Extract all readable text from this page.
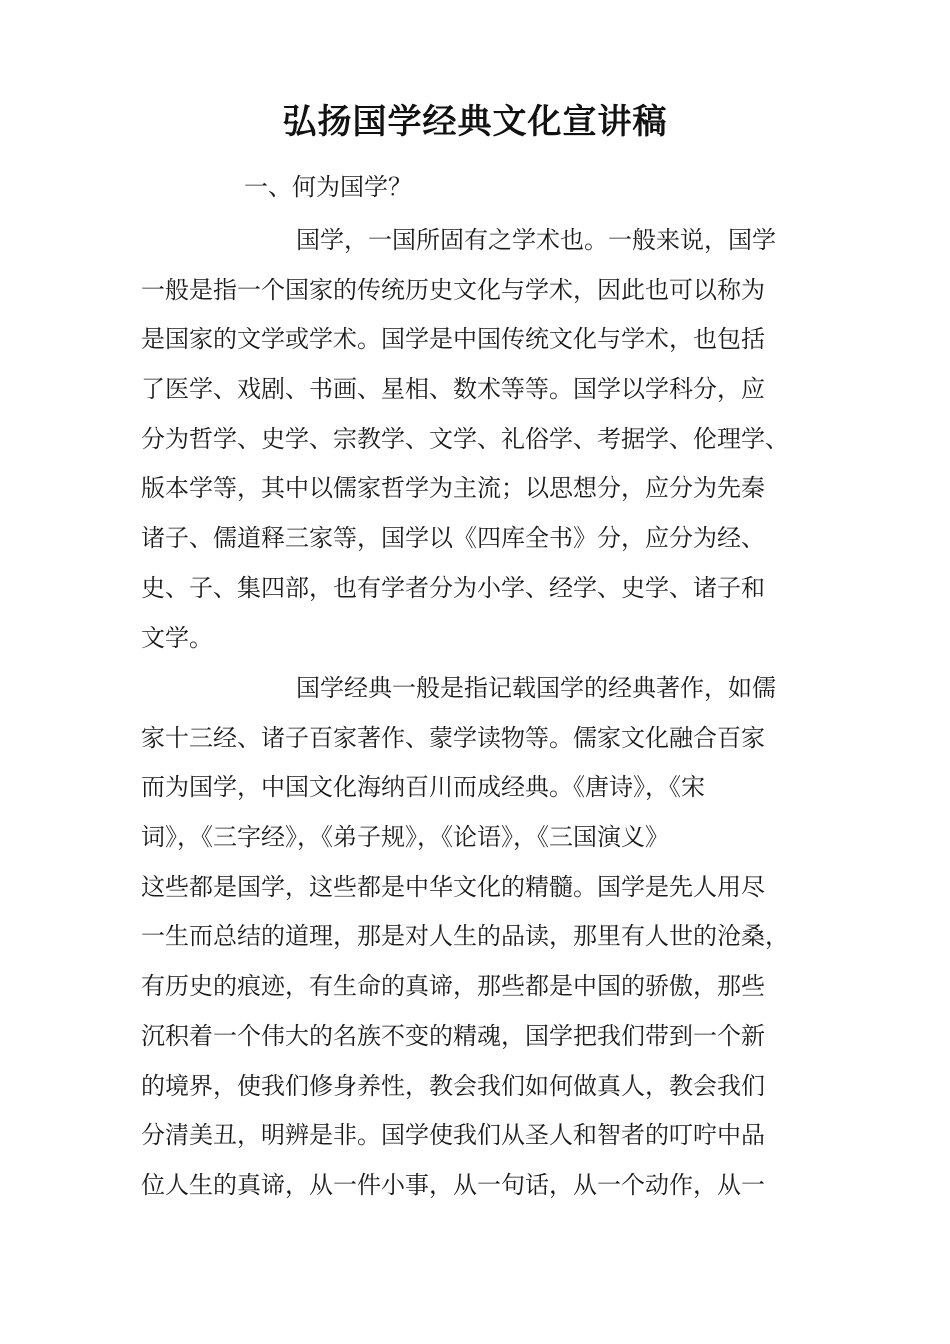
弘扬国学经典文化宣讲稿

一、何为国学？

国学，一国所固有之学术也。一般来说，国学
一般是指一个国家的传统历史文化与学术，因此也可以称为
是国家的文学或学术。国学是中国传统文化与学术，也包括
了医学、戏剧、书画、星相、数术等等。国学以学科分，应
分为哲学、史学、宗教学、文学、礼俗学、考据学、伦理学、
版本学等，其中以儒家哲学为主流；以思想分，应分为先秦
诸子、儒道释三家等，国学以《四库全书》分，应分为经、
史、子、集四部，也有学者分为小学、经学、史学、诸子和
文学。
国学经典一般是指记载国学的经典著作，如儒
家十三经、诸子百家著作、蒙学读物等。儒家文化融合百家
而为国学，中国文化海纳百川而成经典。《唐诗》，《宋
词》，《三字经》，《弟子规》，《论语》，《三国演义》
这些都是国学，这些都是中华文化的精髓。国学是先人用尽
一生而总结的道理，那是对人生的品读，那里有人世的沧桑，
有历史的痕迹，有生命的真谛，那些都是中国的骄傲，那些
沉积着一个伟大的名族不变的精魂，国学把我们带到一个新
的境界，使我们修身养性，教会我们如何做真人，教会我们
分清美丑，明辨是非。国学使我们从圣人和智者的叮咛中品
位人生的真谛，从一件小事，从一句话，从一个动作，从一
